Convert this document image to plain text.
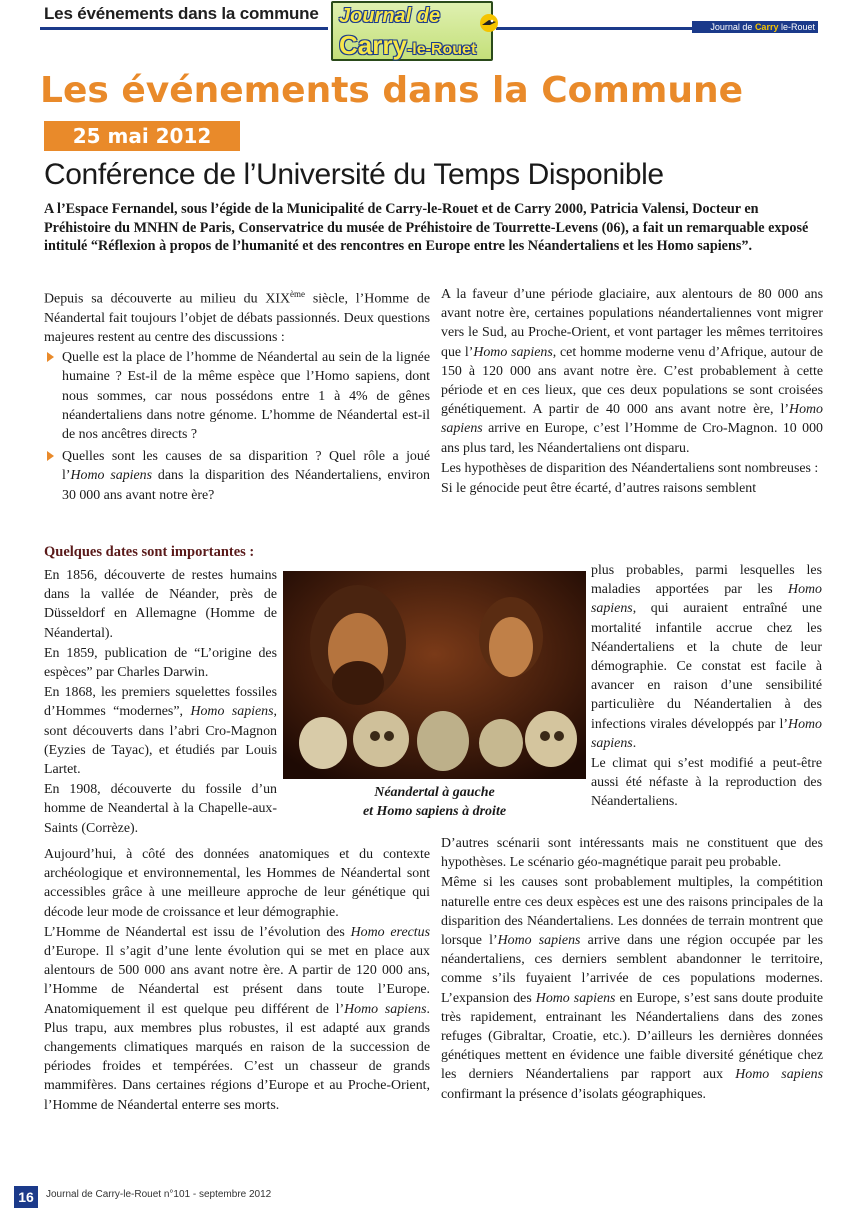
Les événements dans la commune Journal de
Carry-le-Rouet
Journal de Carry le-Rouet
Les événements dans la Commune
25 mai 2012
Conférence de l’Université du Temps Disponible
A l’Espace Fernandel, sous l’égide de la Municipalité de Carry-le-Rouet et de Carry 2000, Patricia Valensi, Docteur en Préhistoire du MNHN de Paris, Conservatrice du musée de Préhistoire de Tourrette-Levens (06), a fait un remarquable exposé intitulé “Réflexion à propos de l’humanité et des rencontres en Europe entre les Néandertaliens et les Homo sapiens”.

Depuis sa découverte au milieu du XIXème siècle, l’Homme de Néandertal fait toujours l’objet de débats passionnés. Deux questions majeures restent au centre des discussions :

Quelle est la place de l’homme de Néandertal au sein de la lignée humaine ? Est-il de la même espèce que l’Homo sapiens, dont nous sommes, car nous possédons entre 1 à 4% de gênes néandertaliens dans notre génome. L’homme de Néandertal est-il de nos ancêtres directs ?
Quelles sont les causes de sa disparition ? Quel rôle a joué l’Homo sapiens dans la disparition des Néandertaliens, environ 30 000 ans avant notre ère?
Quelques dates sont importantes :

En 1856, découverte de restes humains dans la vallée de Néander, près de Düsseldorf en Allemagne (Homme de Néandertal).

En 1859, publication de “L’origine des espèces” par Charles Darwin.

En 1868, les premiers squelettes fossiles d’Hommes “modernes”, Homo sapiens, sont découverts dans l’abri Cro-Magnon (Eyzies de Tayac), et étudiés par Louis Lartet.

En 1908, découverte du fossile d’un homme de Neandertal à la Chapelle-aux-Saints (Corrèze).

Néandertal à gauche
et Homo sapiens à droite

Aujourd’hui, à côté des données anatomiques et du contexte archéologique et environnemental, les Hommes de Néandertal sont accessibles grâce à une meilleure approche de leur génétique qui décode leur mode de croissance et leur démographie.

L’Homme de Néandertal est issu de l’évolution des Homo erectus d’Europe. Il s’agit d’une lente évolution qui se met en place aux alentours de 500 000 ans avant notre ère. A partir de 120 000 ans, l’Homme de Néandertal est présent dans toute l’Europe. Anatomiquement il est quelque peu différent de l’Homo sapiens. Plus trapu, aux membres plus robustes, il est adapté aux grands changements climatiques marqués en raison de la succession de périodes froides et tempérées. C’est un chasseur de grands mammifères. Dans certaines régions d’Europe et au Proche-Orient, l’Homme de Néandertal enterre ses morts.

A la faveur d’une période glaciaire, aux alentours de 80 000 ans avant notre ère, certaines populations néandertaliennes vont migrer vers le Sud, au Proche-Orient, et vont partager les mêmes territoires que l’Homo sapiens, cet homme moderne venu d’Afrique, autour de 150 à 120 000 ans avant notre ère. C’est probablement à cette période et en ces lieux, que ces deux populations se sont croisées génétiquement. A partir de 40 000 ans avant notre ère, l’Homo sapiens arrive en Europe, c’est l’Homme de Cro-Magnon. 10 000 ans plus tard, les Néandertaliens ont disparu.

Les hypothèses de disparition des Néandertaliens sont nombreuses :

Si le génocide peut être écarté, d’autres raisons semblent

plus probables, parmi lesquelles les maladies apportées par les Homo sapiens, qui auraient entraîné une mortalité infantile accrue chez les Néandertaliens et la chute de leur démographie. Ce constat est facile à avancer en raison d’une sensibilité particulière du Néandertalien à des infections virales développés par l’Homo sapiens.

Le climat qui s’est modifié a peut-être aussi été néfaste à la reproduction des Néandertaliens.

D’autres scénarii sont intéressants mais ne constituent que des hypothèses. Le scénario géo-magnétique parait peu probable.

Même si les causes sont probablement multiples, la compétition naturelle entre ces deux espèces est une des raisons principales de la disparition des Néandertaliens. Les données de terrain montrent que lorsque l’Homo sapiens arrive dans une région occupée par les néandertaliens, ces derniers semblent abandonner le territoire, comme s’ils fuyaient l’arrivée de ces populations modernes. L’expansion des Homo sapiens en Europe, s’est sans doute produite très rapidement, entrainant les Néandertaliens dans des zones refuges (Gibraltar, Croatie, etc.). D’ailleurs les dernières données génétiques mettent en évidence une faible diversité génétique chez les derniers Néandertaliens par rapport aux Homo sapiens confirmant la présence d’isolats géographiques.

16	Journal de Carry-le-Rouet n°101 - septembre 2012
